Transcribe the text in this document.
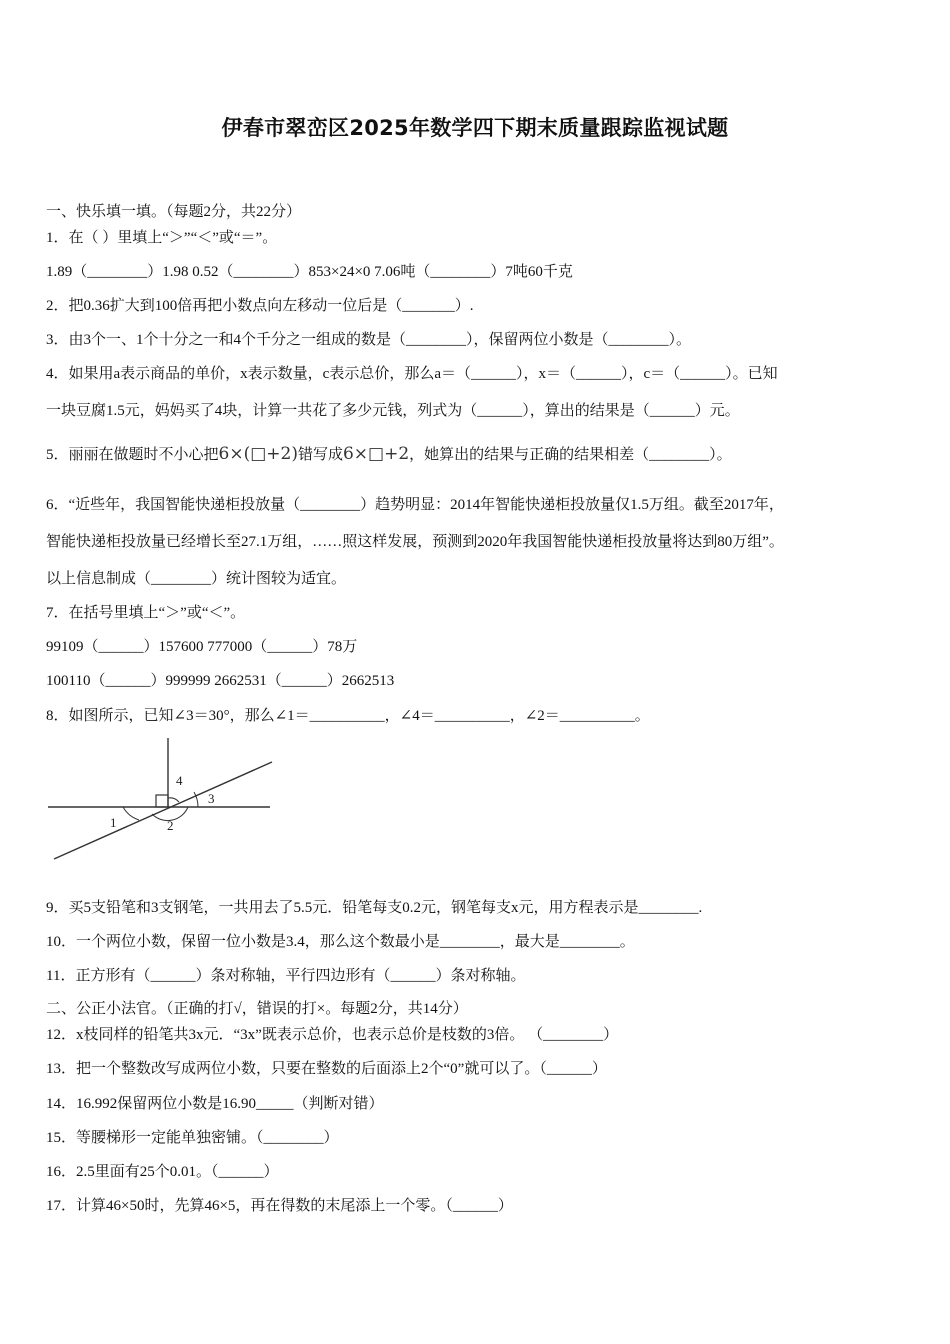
伊春市翠峦区2025年数学四下期末质量跟踪监视试题
一、快乐填一填。（每题2分，共22分）
1．在（ ）里填上“＞”“＜”或“＝”。
1.89（________）1.98 0.52（________）853×24×0 7.06吨（________）7吨60千克
2．把0.36扩大到100倍再把小数点向左移动一位后是（_______）.
3．由3个一、1个十分之一和4个千分之一组成的数是（________），保留两位小数是（________）。
4．如果用a表示商品的单价，x表示数量，c表示总价，那么a＝（______），x＝（______），c＝（______）。已知
一块豆腐1.5元，妈妈买了4块，计算一共花了多少元钱，列式为（______），算出的结果是（______）元。
5．丽丽在做题时不小心把6×(□+2)错写成6×□+2，她算出的结果与正确的结果相差（________）。
6．“近些年，我国智能快递柜投放量（________）趋势明显：2014年智能快递柜投放量仅1.5万组。截至2017年，
智能快递柜投放量已经增长至27.1万组，……照这样发展，预测到2020年我国智能快递柜投放量将达到80万组”。
以上信息制成（________）统计图较为适宜。
7．在括号里填上“＞”或“＜”。
99109（______）157600 777000（______）78万
100110（______）999999 2662531（______）2662513
8．如图所示，已知∠3＝30°，那么∠1＝__________，∠4＝__________，∠2＝__________。
1	2
3
4
9．买5支铅笔和3支钢笔，一共用去了5.5元．铅笔每支0.2元，钢笔每支x元，用方程表示是________.
10．一个两位小数，保留一位小数是3.4，那么这个数最小是________，最大是________。
11．正方形有（______）条对称轴，平行四边形有（______）条对称轴。
二、公正小法官。（正确的打√，错误的打×。每题2分，共14分）
12．x枝同样的铅笔共3x元．“3x”既表示总价，也表示总价是枝数的3倍。 （________）
13．把一个整数改写成两位小数，只要在整数的后面添上2个“0”就可以了。（______）
14．16.992保留两位小数是16.90_____（判断对错）
15．等腰梯形一定能单独密铺。（________）
16．2.5里面有25个0.01。（______）
17．计算46×50时，先算46×5，再在得数的末尾添上一个零。（______）
